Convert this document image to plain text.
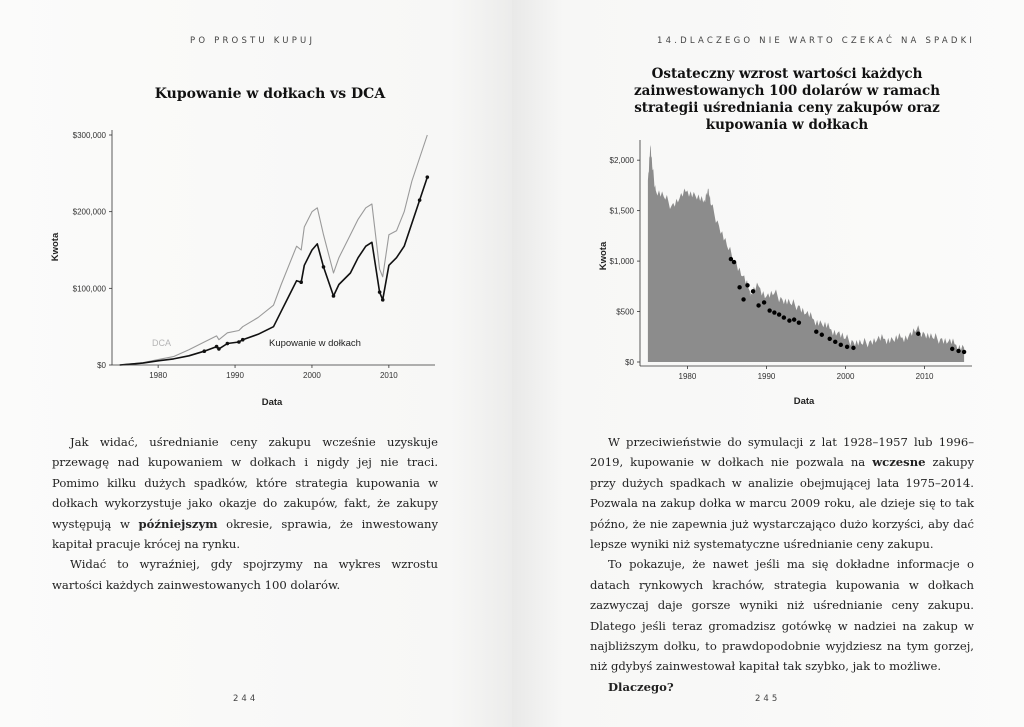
PO PROSTU KUPUJ
Kupowanie w dołkach vs DCA
$0
$100,000
$200,000
$300,000
1980	1990	2000	2010
DCA	Kupowanie w dołkach
Data
Kwota

Jak widać, uśrednianie ceny zakupu wcześnie uzyskuje przewagę nad kupowaniem w dołkach i nigdy jej nie traci. Pomimo kilku dużych spadków, które strategia kupowania w dołkach wykorzystuje jako okazje do zakupów, fakt, że zakupy występują w późniejszym okresie, sprawia, że inwestowany kapitał pracuje krócej na rynku.

Widać to wyraźniej, gdy spojrzymy na wykres wzrostu wartości każdych zainwestowanych 100 dolarów.

244
14.DLACZEGO NIE WARTO CZEKAĆ NA SPADKI
Ostateczny wzrost wartości każdych zainwestowanych 100 dolarów w ramach strategii uśredniania ceny zakupów oraz kupowania w dołkach
$0
$500
$1,000
$1,500
$2,000
1980	1990	2000	2010
Data
Kwota

W przeciwieństwie do symulacji z lat 1928–1957 lub 1996–2019, kupowanie w dołkach nie pozwala na wczesne zakupy przy dużych spadkach w analizie obejmującej lata 1975–2014. Pozwala na zakup dołka w marcu 2009 roku, ale dzieje się to tak późno, że nie zapewnia już wystarczająco dużo korzyści, aby dać lepsze wyniki niż systematyczne uśrednianie ceny zakupu.

To pokazuje, że nawet jeśli ma się dokładne informacje o datach rynkowych krachów, strategia kupowania w dołkach zazwyczaj daje gorsze wyniki niż uśrednianie ceny zakupu. Dlatego jeśli teraz gromadzisz gotówkę w nadziei na zakup w najbliższym dołku, to prawdopodobnie wyjdziesz na tym gorzej, niż gdybyś zainwestował kapitał tak szybko, jak to możliwe.

Dlaczego?

245
